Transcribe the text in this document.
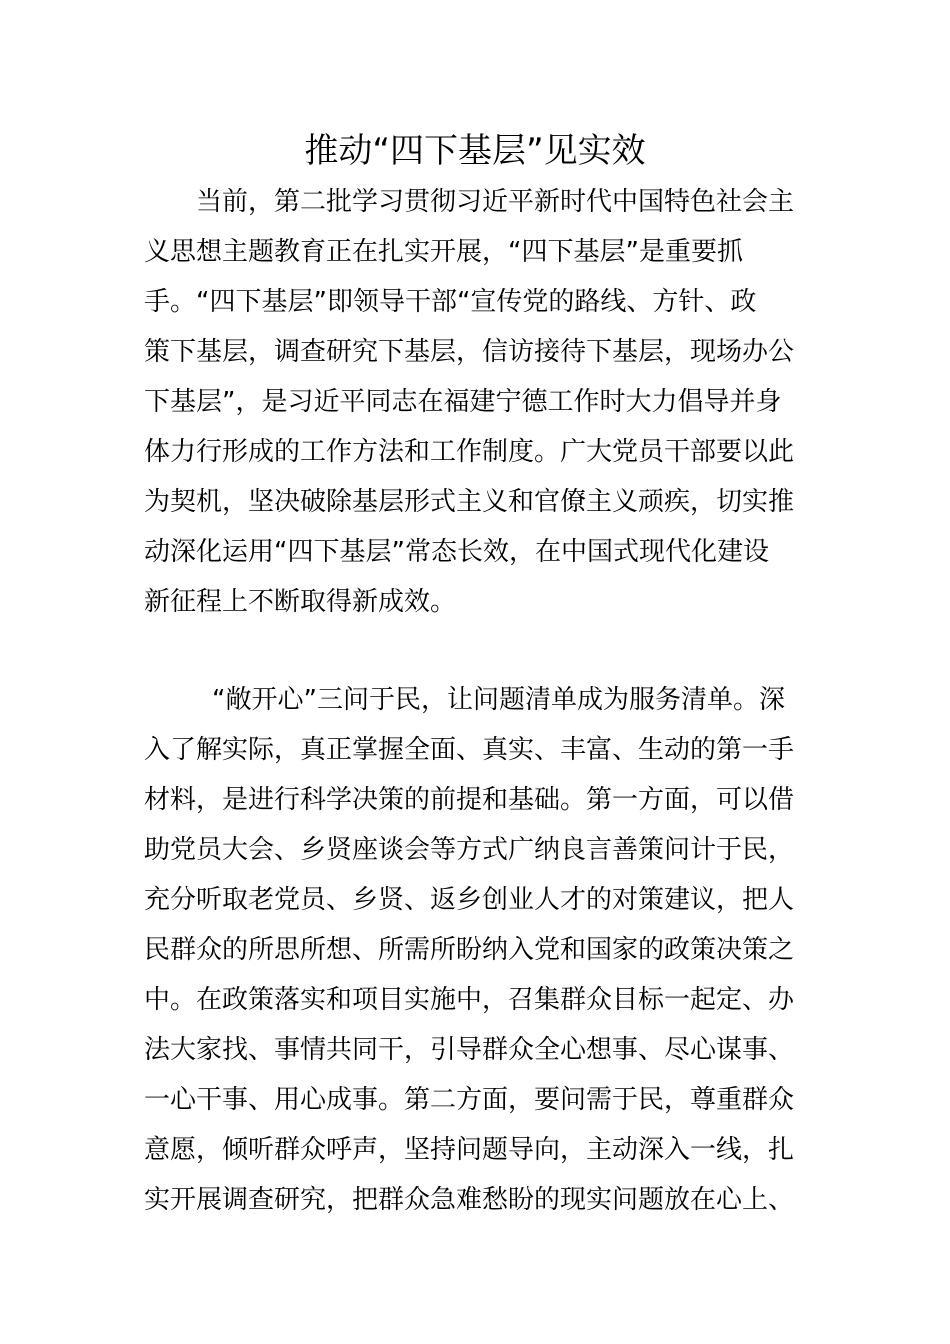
推动“四下基层”见实效

当前，第二批学习贯彻习近平新时代中国特色社会主

义思想主题教育正在扎实开展，“四下基层”是重要抓

手。“四下基层”即领导干部“宣传党的路线、方针、政

策下基层，调查研究下基层，信访接待下基层，现场办公

下基层”，是习近平同志在福建宁德工作时大力倡导并身

体力行形成的工作方法和工作制度。广大党员干部要以此

为契机，坚决破除基层形式主义和官僚主义顽疾，切实推

动深化运用“四下基层”常态长效，在中国式现代化建设

新征程上不断取得新成效。

“敞开心”三问于民，让问题清单成为服务清单。深

入了解实际，真正掌握全面、真实、丰富、生动的第一手

材料，是进行科学决策的前提和基础。第一方面，可以借

助党员大会、乡贤座谈会等方式广纳良言善策问计于民，

充分听取老党员、乡贤、返乡创业人才的对策建议，把人

民群众的所思所想、所需所盼纳入党和国家的政策决策之

中。在政策落实和项目实施中，召集群众目标一起定、办

法大家找、事情共同干，引导群众全心想事、尽心谋事、

一心干事、用心成事。第二方面，要问需于民，尊重群众

意愿，倾听群众呼声，坚持问题导向，主动深入一线，扎

实开展调查研究，把群众急难愁盼的现实问题放在心上、
